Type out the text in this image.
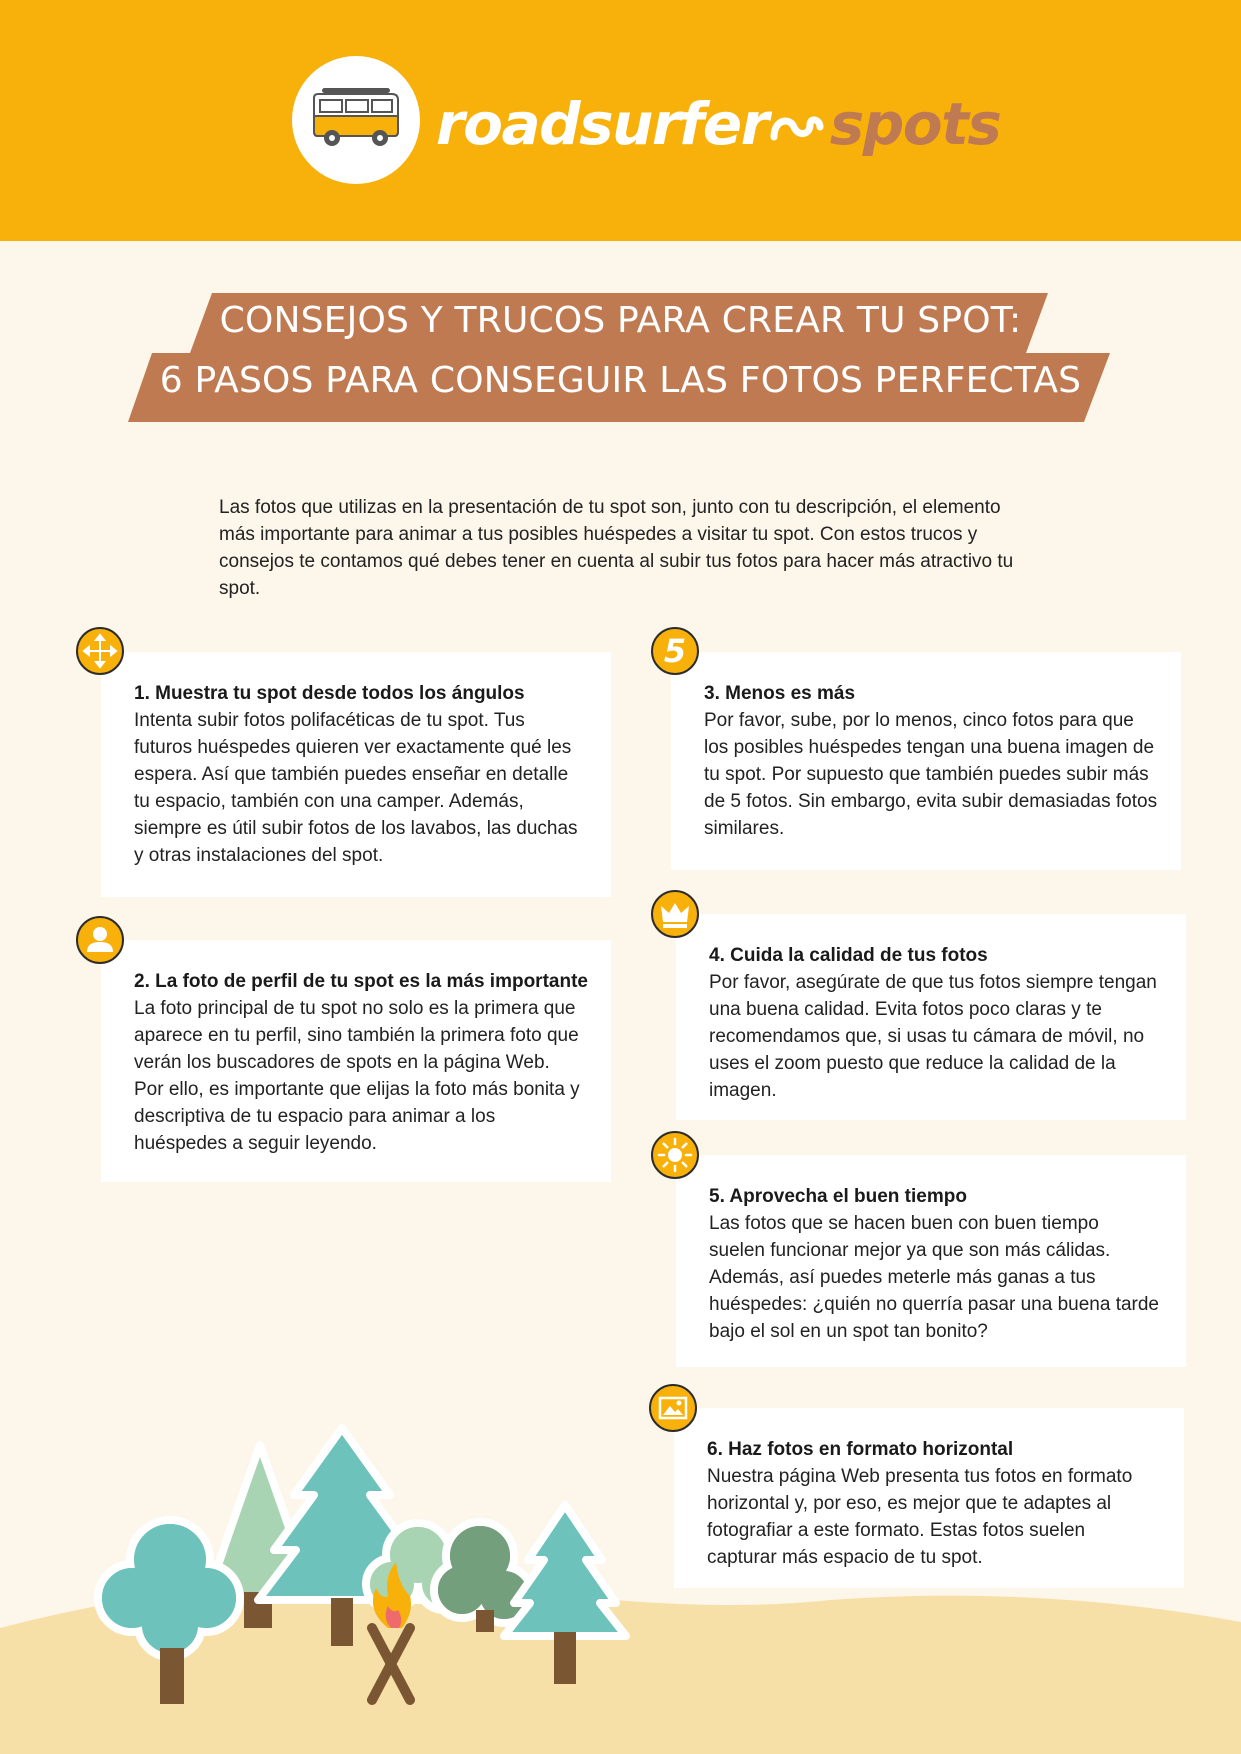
roadsurfer spots
CONSEJOS Y TRUCOS PARA CREAR TU SPOT:
6 PASOS PARA CONSEGUIR LAS FOTOS PERFECTAS
Las fotos que utilizas en la presentación de tu spot son, junto con tu descripción, el elemento más importante para animar a tus posibles huéspedes a visitar tu spot. Con estos trucos y consejos te contamos qué debes tener en cuenta al subir tus fotos para hacer más atractivo tu spot.
1. Muestra tu spot desde todos los ángulos
Intenta subir fotos polifacéticas de tu spot. Tus futuros huéspedes quieren ver exactamente qué les espera. Así que también puedes enseñar en detalle tu espacio, también con una camper. Además, siempre es útil subir fotos de los lavabos, las duchas y otras instalaciones del spot.
2. La foto de perfil de tu spot es la más importante
La foto principal de tu spot no solo es la primera que aparece en tu perfil, sino también la primera foto que verán los buscadores de spots en la página Web. Por ello, es importante que elijas la foto más bonita y descriptiva de tu espacio para animar a los huéspedes a seguir leyendo.
3. Menos es más
Por favor, sube, por lo menos, cinco fotos para que los posibles huéspedes tengan una buena imagen de tu spot. Por supuesto que también puedes subir más de 5 fotos. Sin embargo, evita subir demasiadas fotos similares.
5
4. Cuida la calidad de tus fotos
Por favor, asegúrate de que tus fotos siempre tengan una buena calidad. Evita fotos poco claras y te recomendamos que, si usas tu cámara de móvil, no uses el zoom puesto que reduce la calidad de la imagen.
5. Aprovecha el buen tiempo
Las fotos que se hacen buen con buen tiempo suelen funcionar mejor ya que son más cálidas. Además, así puedes meterle más ganas a tus huéspedes: ¿quién no querría pasar una buena tarde bajo el sol en un spot tan bonito?
6. Haz fotos en formato horizontal
Nuestra página Web presenta tus fotos en formato horizontal y, por eso, es mejor que te adaptes al fotografiar a este formato. Estas fotos suelen capturar más espacio de tu spot.
